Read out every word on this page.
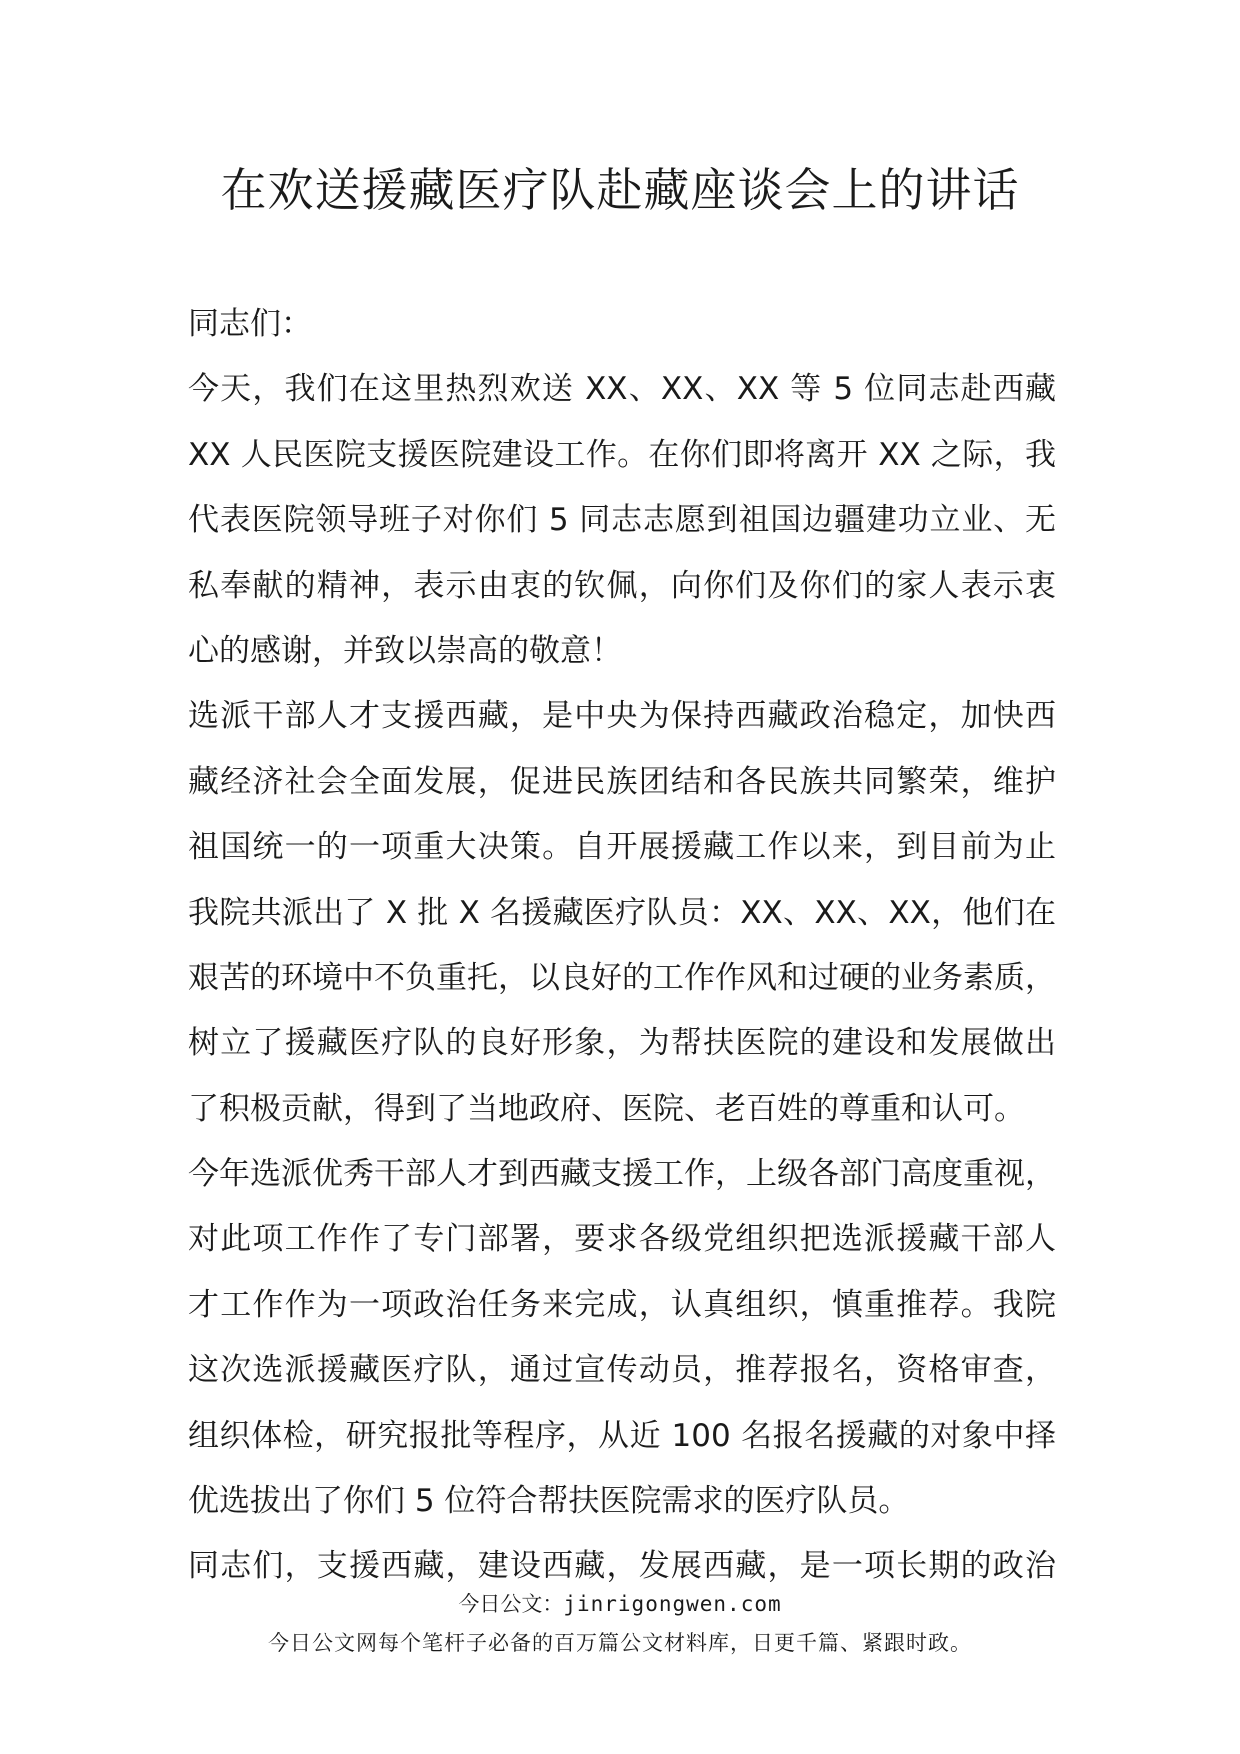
在欢送援藏医疗队赴藏座谈会上的讲话
同志们：
今天，我们在这里热烈欢送 XX、XX、XX 等 5 位同志赴西藏
XX 人民医院支援医院建设工作。在你们即将离开 XX 之际，我
代表医院领导班子对你们 5 同志志愿到祖国边疆建功立业、无
私奉献的精神，表示由衷的钦佩，向你们及你们的家人表示衷
心的感谢，并致以崇高的敬意！
选派干部人才支援西藏，是中央为保持西藏政治稳定，加快西
藏经济社会全面发展，促进民族团结和各民族共同繁荣，维护
祖国统一的一项重大决策。自开展援藏工作以来，到目前为止
我院共派出了 X 批 X 名援藏医疗队员：XX、XX、XX，他们在
艰苦的环境中不负重托，以良好的工作作风和过硬的业务素质，
树立了援藏医疗队的良好形象，为帮扶医院的建设和发展做出
了积极贡献，得到了当地政府、医院、老百姓的尊重和认可。
今年选派优秀干部人才到西藏支援工作，上级各部门高度重视，
对此项工作作了专门部署，要求各级党组织把选派援藏干部人
才工作作为一项政治任务来完成，认真组织，慎重推荐。我院
这次选派援藏医疗队，通过宣传动员，推荐报名，资格审查，
组织体检，研究报批等程序，从近 100 名报名援藏的对象中择
优选拔出了你们 5 位符合帮扶医院需求的医疗队员。
同志们，支援西藏，建设西藏，发展西藏，是一项长期的政治
今日公文：jinrigongwen.com
今日公文网每个笔杆子必备的百万篇公文材料库，日更千篇、紧跟时政。
